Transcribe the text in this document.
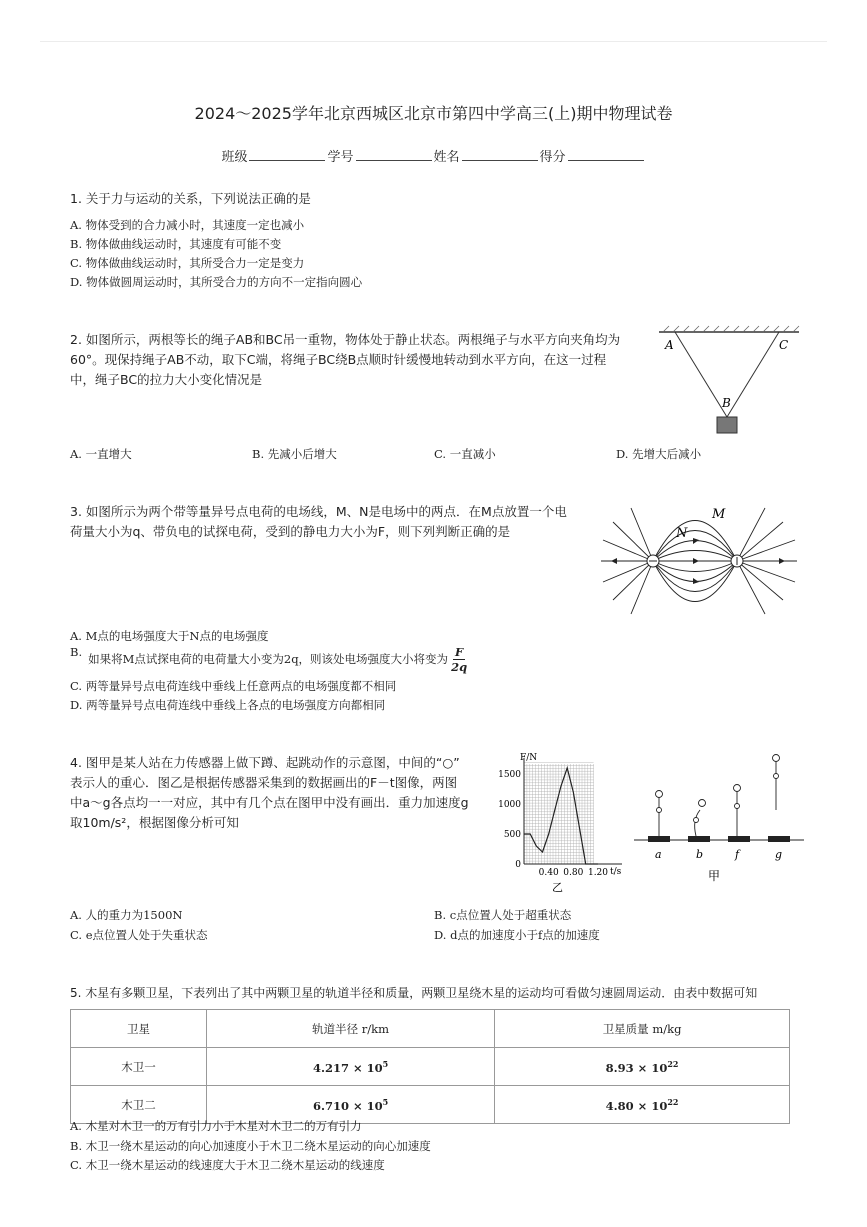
2024～2025学年北京西城区北京市第四中学高三(上)期中物理试卷
班级	学号	姓名	得分
1. 关于力与运动的关系，下列说法正确的是
A. 物体受到的合力减小时，其速度一定也减小
B. 物体做曲线运动时，其速度有可能不变
C. 物体做曲线运动时，其所受合力一定是变力
D. 物体做圆周运动时，其所受合力的方向不一定指向圆心
2. 如图所示，两根等长的绳子AB和BC吊一重物，物体处于静止状态。两根绳子与水平方向夹角均为
60°。现保持绳子AB不动，取下C端，将绳子BC绕B点顺时针缓慢地转动到水平方向，在这一过程
中，绳子BC的拉力大小变化情况是
A	C
B
A. 一直增大	B. 先减小后增大	C. 一直减小	D. 先增大后减小
3. 如图所示为两个带等量异号点电荷的电场线，M、N是电场中的两点．在M点放置一个电
荷量大小为q、带负电的试探电荷，受到的静电力大小为F，则下列判断正确的是
M
N
A. M点的电场强度大于N点的电场强度
B. 如果将M点试探电荷的电荷量大小变为2q，则该处电场强度大小将变为 $\frac{F}{2q}$
C. 两等量异号点电荷连线中垂线上任意两点的电场强度都不相同
D. 两等量异号点电荷连线中垂线上各点的电场强度方向都相同
4. 图甲是某人站在力传感器上做下蹲、起跳动作的示意图，中间的“○”
表示人的重心．图乙是根据传感器采集到的数据画出的F－t图像，两图
中a～g各点均一一对应，其中有几个点在图甲中没有画出．重力加速度g
取10m/s²，根据图像分析可知
F/N
t/s
1500
1000
500
0
0.40 0.80 1.20
乙
a	b	f	g
甲
A. 人的重力为1500N	B. c点位置人处于超重状态
C. e点位置人处于失重状态	D. d点的加速度小于f点的加速度
5. 木星有多颗卫星，下表列出了其中两颗卫星的轨道半径和质量，两颗卫星绕木星的运动均可看做匀速圆周运动．由表中数据可知
卫星	轨道半径 r/km	卫星质量 m/kg
木卫一	$4.217 \times 10^5$	$8.93 \times 10^{22}$
木卫二	$6.710 \times 10^5$	$4.80 \times 10^{22}$
A. 木星对木卫一的万有引力小于木星对木卫二的万有引力
B. 木卫一绕木星运动的向心加速度小于木卫二绕木星运动的向心加速度
C. 木卫一绕木星运动的线速度大于木卫二绕木星运动的线速度
